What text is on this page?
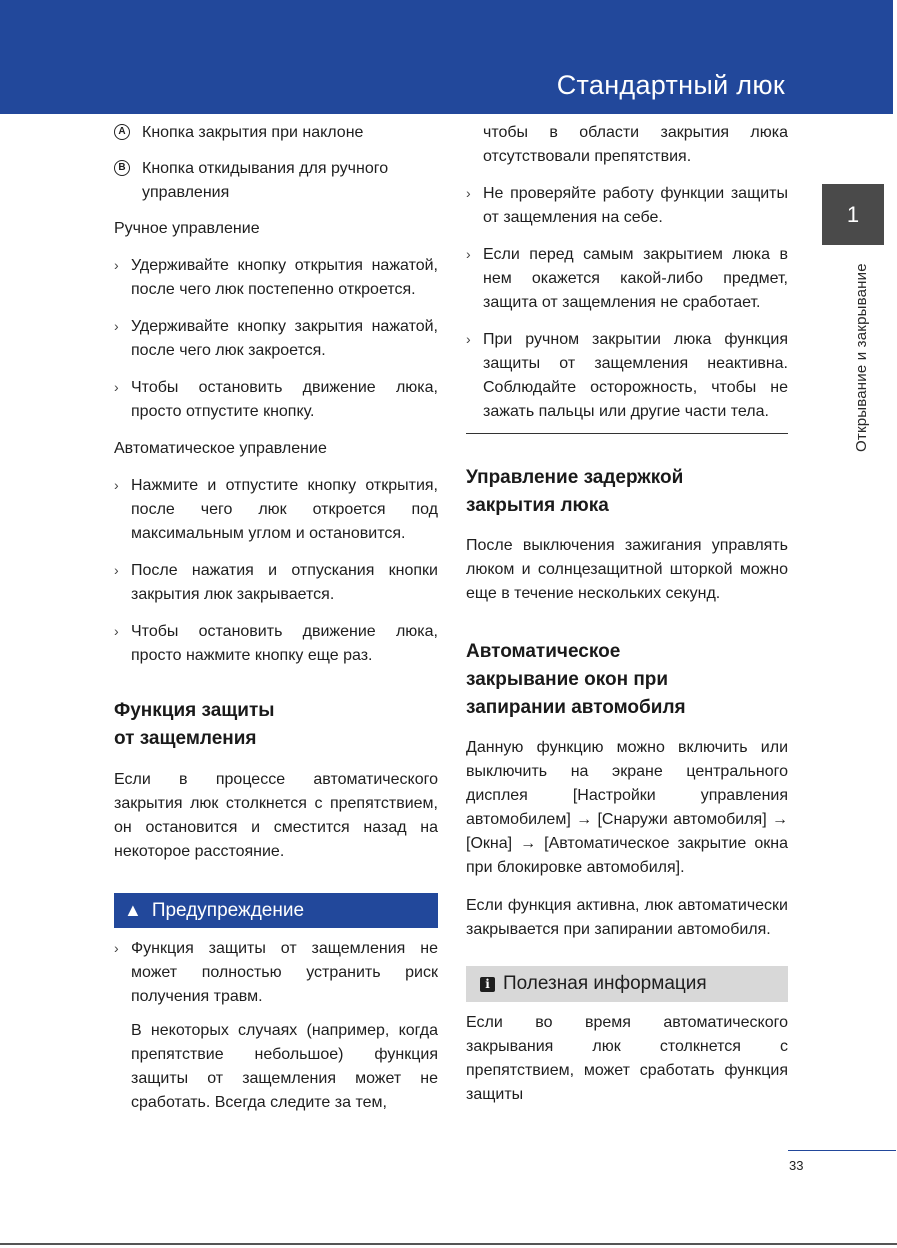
Стандартный люк
1
Открывание и закрывание
A Кнопка закрытия при наклоне
B Кнопка откидывания для ручного управления

Ручное управление

› Удерживайте кнопку открытия нажатой, после чего люк постепенно откроется.

› Удерживайте кнопку закрытия нажатой, после чего люк закроется.

› Чтобы остановить движение люка, просто отпустите кнопку.

Автоматическое управление

› Нажмите и отпустите кнопку открытия, после чего люк откроется под максимальным углом и остановится.

› После нажатия и отпускания кнопки закрытия люк закрывается.

› Чтобы остановить движение люка, просто нажмите кнопку еще раз.

Функция защиты

от защемления

Если в процессе автоматического закрытия люк столкнется с препятствием, он остановится и сместится назад на некоторое расстояние.

▲ Предупреждение
› Функция защиты от защемления не может полностью устранить риск получения травм.

В некоторых случаях (например, когда препятствие небольшое) функция защиты от защемления может не сработать. Всегда следите за тем,

чтобы в области закрытия люка отсутствовали препятствия.

› Не проверяйте работу функции защиты от защемления на себе.

› Если перед самым закрытием люка в нем окажется какой-либо предмет, защита от защемления не сработает.

› При ручном закрытии люка функция защиты от защемления неактивна. Соблюдайте осторожность, чтобы не зажать пальцы или другие части тела.

Управление задержкой

закрытия люка

После выключения зажигания управлять люком и солнцезащитной шторкой можно еще в течение нескольких секунд.

Автоматическое

закрывание окон при

запирании автомобиля

Данную функцию можно включить или выключить на экране центрального дисплея [Настройки управления автомобилем] → [Снаружи автомобиля] → [Окна] → [Автоматическое закрытие окна при блокировке автомобиля].

Если функция активна, люк автоматически закрывается при запирании автомобиля.

i Полезная информация

Если во время автоматического закрывания люк столкнется с препятствием, может сработать функция защиты

33
